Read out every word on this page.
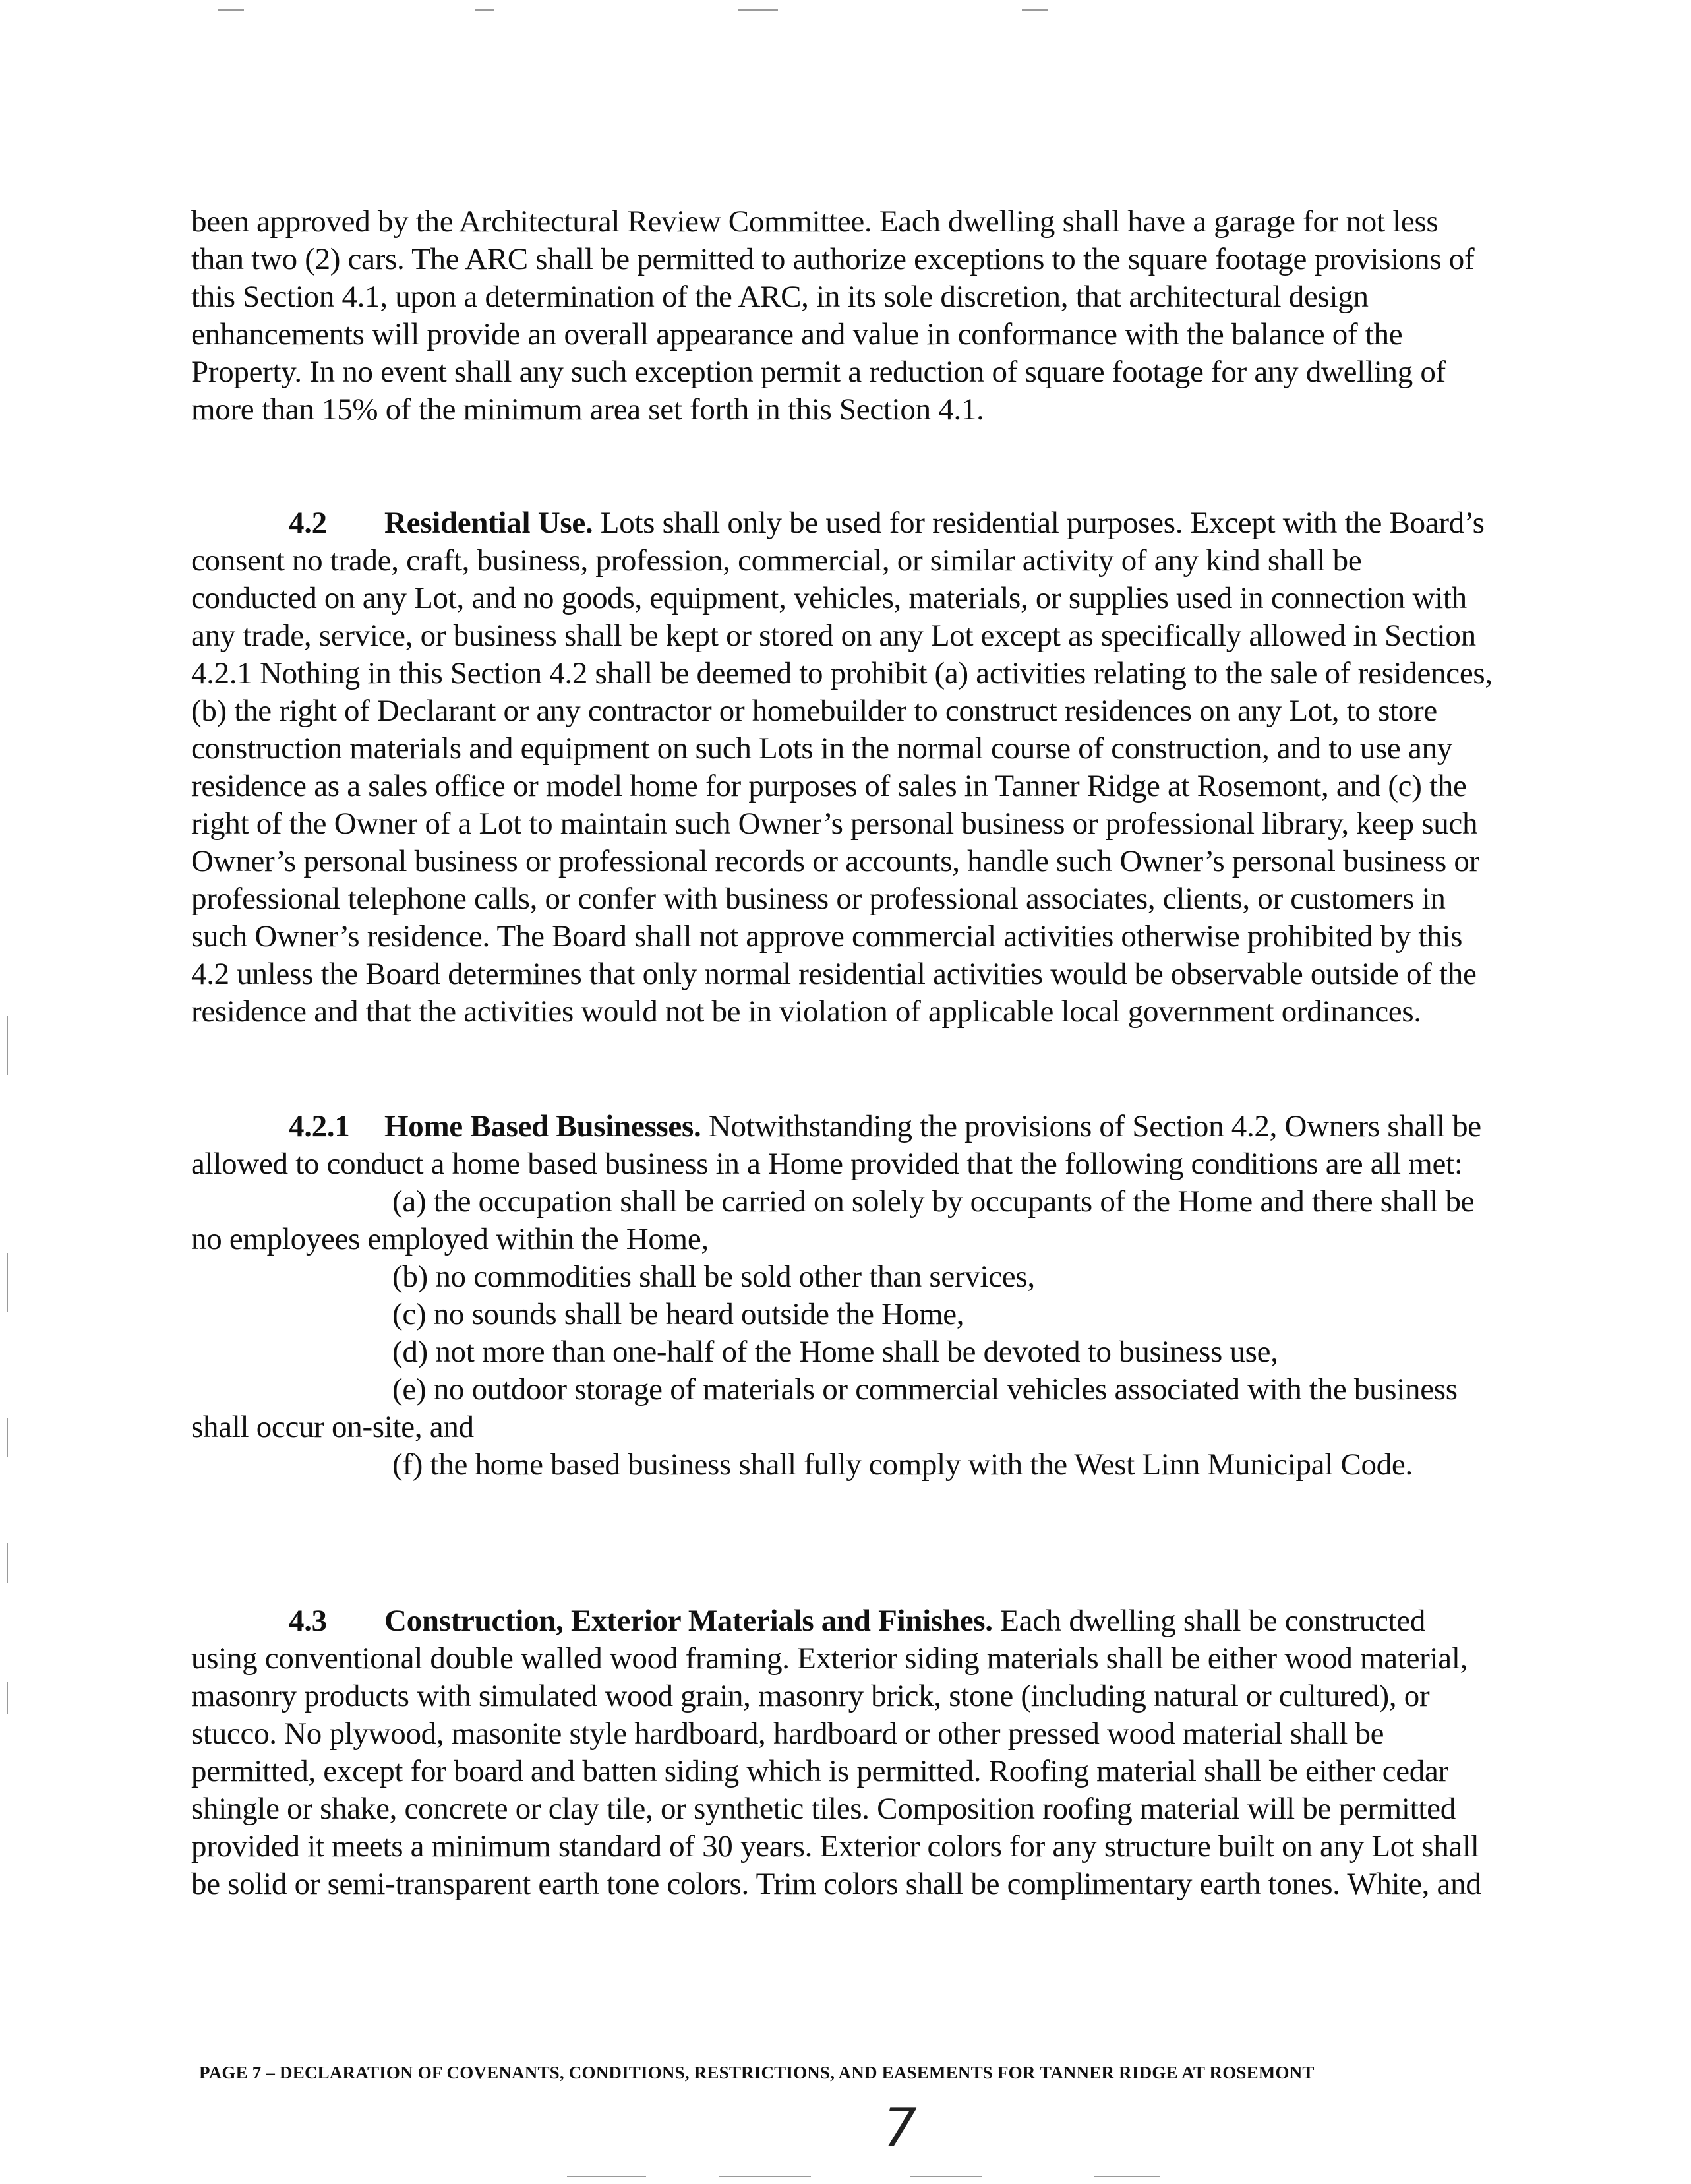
been approved by the Architectural Review Committee. Each dwelling shall have a garage for not less than two (2) cars. The ARC shall be permitted to authorize exceptions to the square footage provisions of this Section 4.1, upon a determination of the ARC, in its sole discretion, that architectural design enhancements will provide an overall appearance and value in conformance with the balance of the Property. In no event shall any such exception permit a reduction of square footage for any dwelling of more than 15% of the minimum area set forth in this Section 4.1.

4.2 Residential Use. Lots shall only be used for residential purposes. Except with the Board’s consent no trade, craft, business, profession, commercial, or similar activity of any kind shall be conducted on any Lot, and no goods, equipment, vehicles, materials, or supplies used in connection with any trade, service, or business shall be kept or stored on any Lot except as specifically allowed in Section 4.2.1 Nothing in this Section 4.2 shall be deemed to prohibit (a) activities relating to the sale of residences, (b) the right of Declarant or any contractor or homebuilder to construct residences on any Lot, to store construction materials and equipment on such Lots in the normal course of construction, and to use any residence as a sales office or model home for purposes of sales in Tanner Ridge at Rosemont, and (c) the right of the Owner of a Lot to maintain such Owner’s personal business or professional library, keep such Owner’s personal business or professional records or accounts, handle such Owner’s personal business or professional telephone calls, or confer with business or professional associates, clients, or customers in such Owner’s residence. The Board shall not approve commercial activities otherwise prohibited by this 4.2 unless the Board determines that only normal residential activities would be observable outside of the residence and that the activities would not be in violation of applicable local government ordinances.

4.2.1 Home Based Businesses. Notwithstanding the provisions of Section 4.2, Owners shall be allowed to conduct a home based business in a Home provided that the following conditions are all met:

(a) the occupation shall be carried on solely by occupants of the Home and there shall be no employees employed within the Home,

(b) no commodities shall be sold other than services,

(c) no sounds shall be heard outside the Home,

(d) not more than one-half of the Home shall be devoted to business use,

(e) no outdoor storage of materials or commercial vehicles associated with the business shall occur on-site, and

(f) the home based business shall fully comply with the West Linn Municipal Code.

4.3 Construction, Exterior Materials and Finishes. Each dwelling shall be constructed using conventional double walled wood framing. Exterior siding materials shall be either wood material, masonry products with simulated wood grain, masonry brick, stone (including natural or cultured), or stucco. No plywood, masonite style hardboard, hardboard or other pressed wood material shall be permitted, except for board and batten siding which is permitted. Roofing material shall be either cedar shingle or shake, concrete or clay tile, or synthetic tiles. Composition roofing material will be permitted provided it meets a minimum standard of 30 years. Exterior colors for any structure built on any Lot shall be solid or semi-transparent earth tone colors. Trim colors shall be complimentary earth tones. White, and

PAGE 7 – DECLARATION OF COVENANTS, CONDITIONS, RESTRICTIONS, AND EASEMENTS FOR TANNER RIDGE AT ROSEMONT
7
